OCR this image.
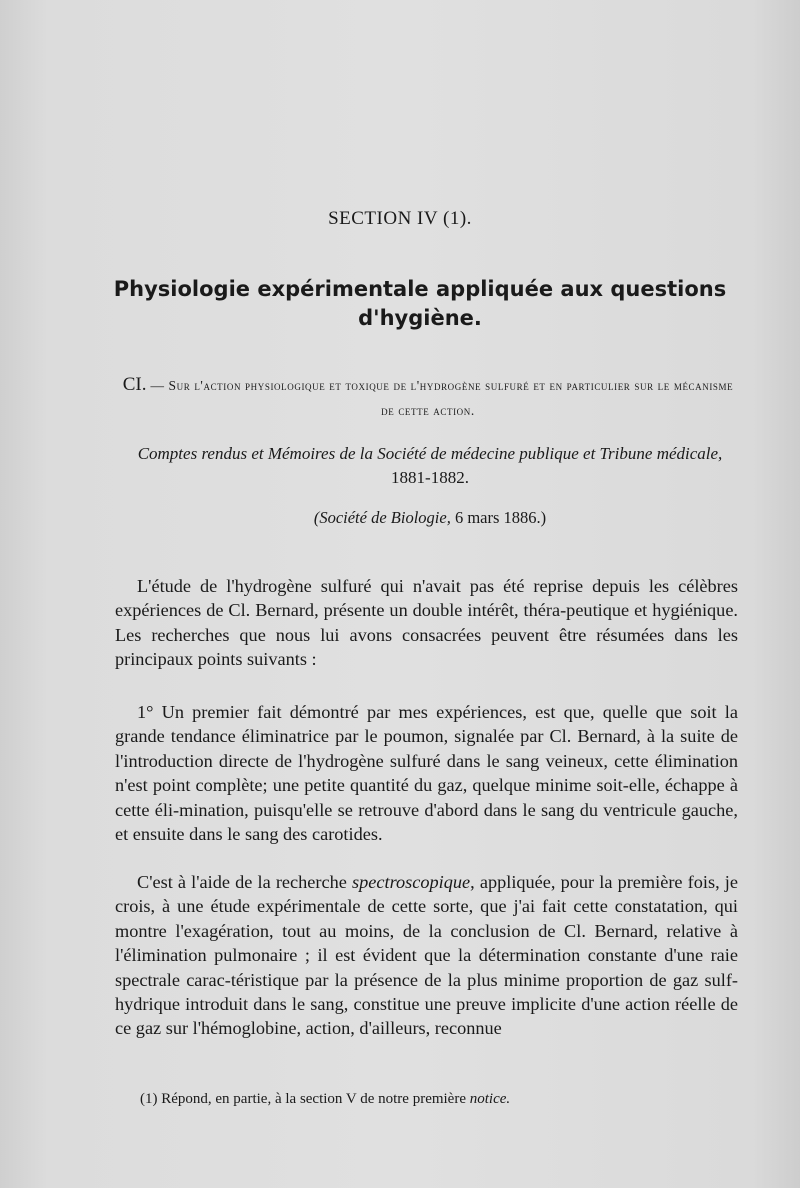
SECTION IV (1).
Physiologie expérimentale appliquée aux questions d'hygiène.
CI. — Sur l'action physiologique et toxique de l'hydrogène sulfuré et en particulier sur le mécanisme de cette action.
Comptes rendus et Mémoires de la Société de médecine publique et Tribune médicale, 1881-1882.
(Société de Biologie, 6 mars 1886.)

L'étude de l'hydrogène sulfuré qui n'avait pas été reprise depuis les célèbres expériences de Cl. Bernard, présente un double intérêt, théra-peutique et hygiénique. Les recherches que nous lui avons consacrées peuvent être résumées dans les principaux points suivants :

1° Un premier fait démontré par mes expériences, est que, quelle que soit la grande tendance éliminatrice par le poumon, signalée par Cl. Bernard, à la suite de l'introduction directe de l'hydrogène sulfuré dans le sang veineux, cette élimination n'est point complète; une petite quantité du gaz, quelque minime soit-elle, échappe à cette éli-mination, puisqu'elle se retrouve d'abord dans le sang du ventricule gauche, et ensuite dans le sang des carotides.

C'est à l'aide de la recherche spectroscopique, appliquée, pour la première fois, je crois, à une étude expérimentale de cette sorte, que j'ai fait cette constatation, qui montre l'exagération, tout au moins, de la conclusion de Cl. Bernard, relative à l'élimination pulmonaire ; il est évident que la détermination constante d'une raie spectrale carac-téristique par la présence de la plus minime proportion de gaz sulf-hydrique introduit dans le sang, constitue une preuve implicite d'une action réelle de ce gaz sur l'hémoglobine, action, d'ailleurs, reconnue

(1) Répond, en partie, à la section V de notre première notice.
